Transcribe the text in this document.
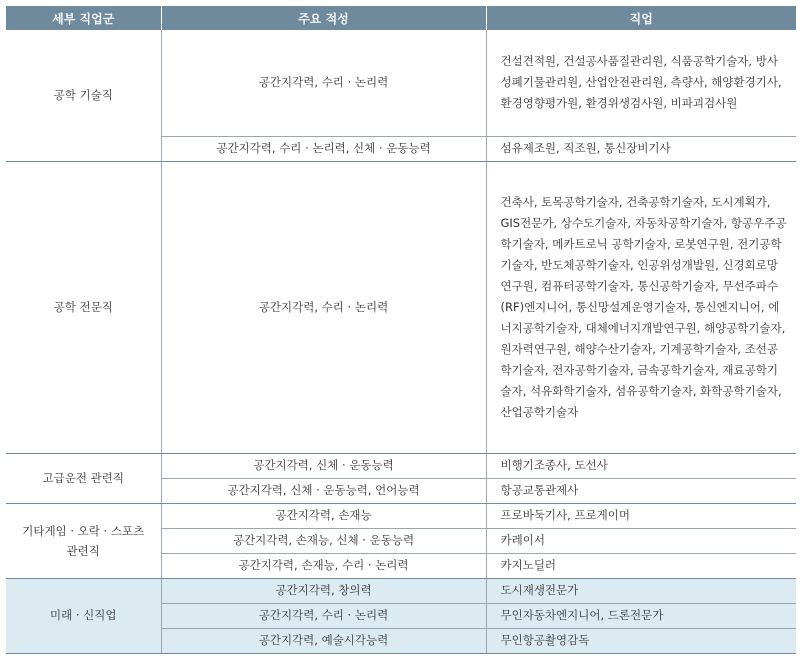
세부 직업군	주요 적성	직업
공학 기술직	공간지각력, 수리 · 논리력	건설견적원, 건설공사품질관리원, 식품공학기술자, 방사성폐기물관리원, 산업안전관리원, 측량사, 해양환경기사, 환경영향평가원, 환경위생검사원, 비파괴검사원
	공간지각력, 수리 · 논리력, 신체 · 운동능력	섬유제조원, 직조원, 통신장비기사
공학 전문직	공간지각력, 수리 · 논리력	건축사, 토목공학기술자, 건축공학기술자, 도시계획가, GIS전문가, 상수도기술자, 자동차공학기술자, 항공우주공학기술자, 메카트로닉 공학기술자, 로봇연구원, 전기공학기술자, 반도체공학기술자, 인공위성개발원, 신경회로망연구원, 컴퓨터공학기술자, 통신공학기술자, 무선주파수(RF)엔지니어, 통신망설계운영기술자, 통신엔지니어, 에너지공학기술자, 대체에너지개발연구원, 해양공학기술자, 원자력연구원, 해양수산기술자, 기계공학기술자, 조선공학기술자, 전자공학기술자, 금속공학기술자, 재료공학기술자, 석유화학기술자, 섬유공학기술자, 화학공학기술자, 산업공학기술자
고급운전 관련직	공간지각력, 신체 · 운동능력	비행기조종사, 도선사
	공간지각력, 신체 · 운동능력, 언어능력	항공교통관제사

기타게임 · 오락 · 스포츠
관련직	공간지각력, 손재능	프로바둑기사, 프로게이머
	공간지각력, 손재능, 신체 · 운동능력	카레이서
	공간지각력, 손재능, 수리 · 논리력	카지노딜러
미래 · 신직업	공간지각력, 창의력	도시재생전문가
	공간지각력, 수리 · 논리력	무인자동차엔지니어, 드론전문가
	공간지각력, 예술시각능력	무인항공촬영감독
